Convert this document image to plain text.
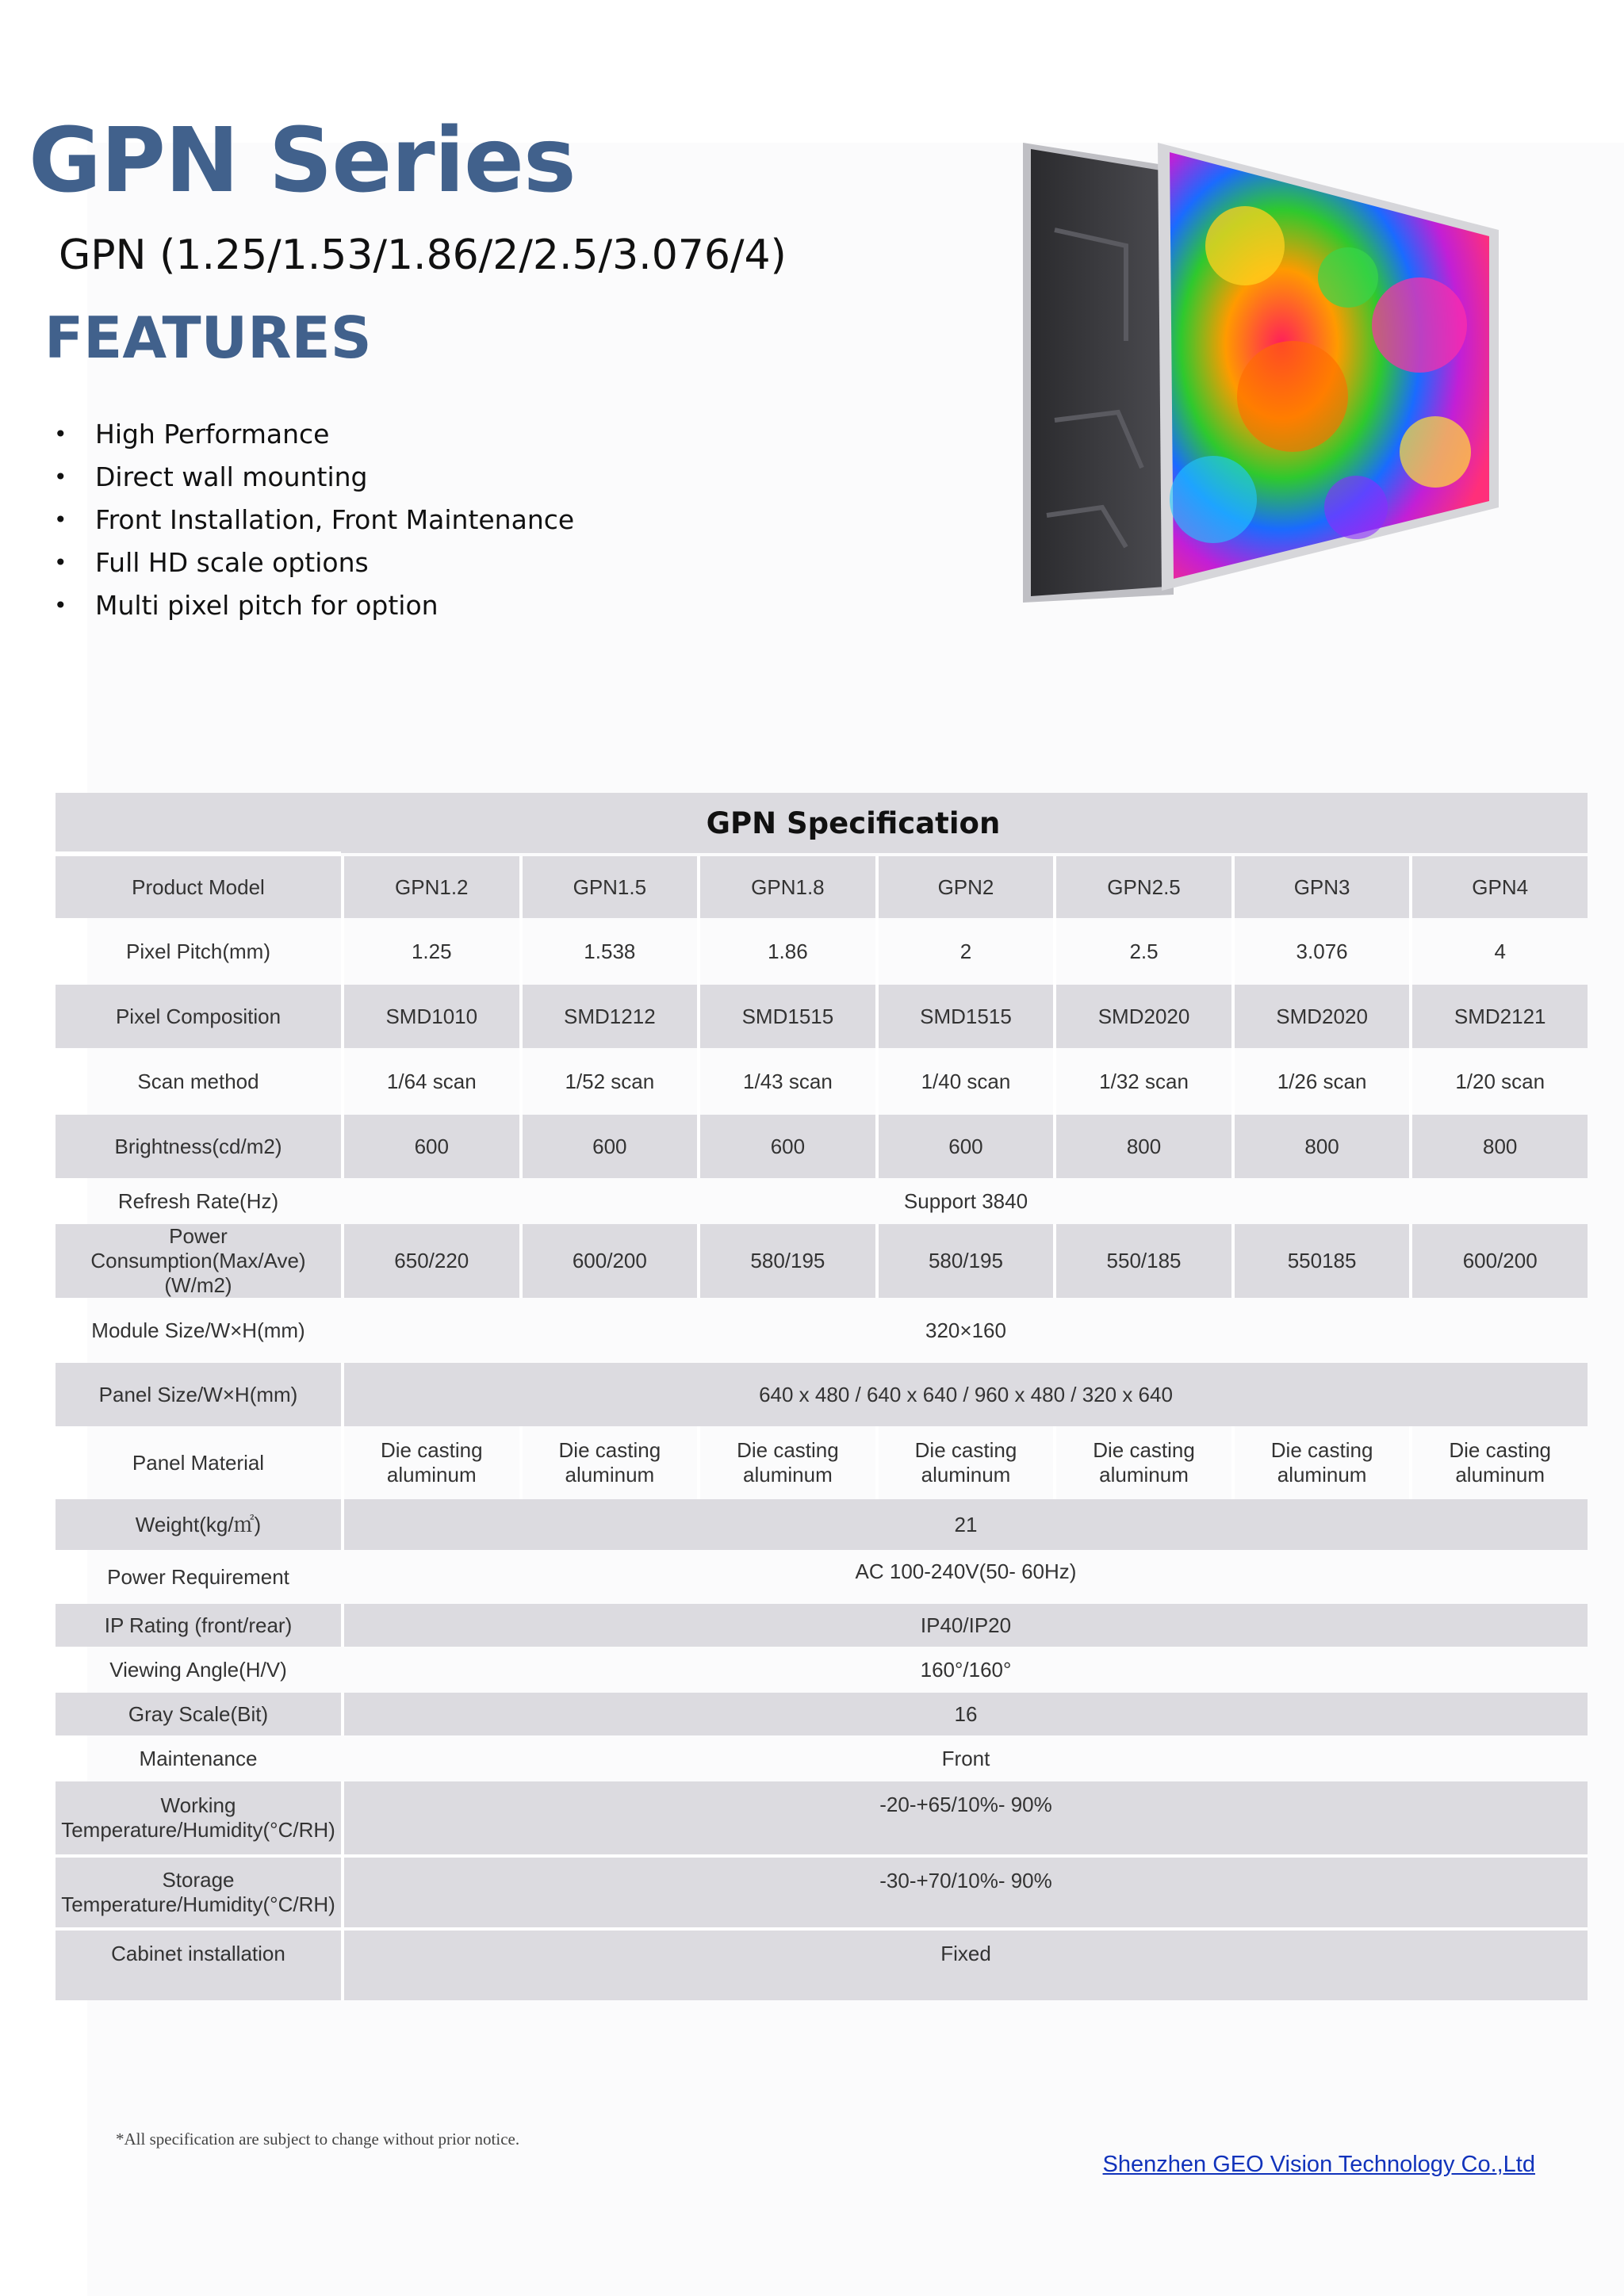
GPN Series
GPN (1.25/1.53/1.86/2/2.5/3.076/4)
FEATURES
•	High Performance
•	Direct wall mounting
•	Front Installation, Front Maintenance
•	Full HD scale options
•	Multi pixel pitch for option
GPN Specification
Product Model	GPN1.2	GPN1.5	GPN1.8	GPN2	GPN2.5	GPN3	GPN4
Pixel Pitch(mm)	1.25	1.538	1.86	2	2.5	3.076	4
Pixel Composition	SMD1010	SMD1212	SMD1515	SMD1515	SMD2020	SMD2020	SMD2121
Scan method	1/64 scan	1/52 scan	1/43 scan	1/40 scan	1/32 scan	1/26 scan	1/20 scan
Brightness(cd/m2)	600	600	600	600	800	800	800
Refresh Rate(Hz)	Support 3840						
Power Consumption(Max/Ave) (W/m2)	650/220	600/200	580/195	580/195	550/185	550185	600/200
Module Size/W×H(mm)	320×160						
Panel Size/W×H(mm)	640 x 480 / 640 x 640 / 960 x 480 / 320 x 640						
Panel Material	Die casting aluminum	Die casting aluminum	Die casting aluminum	Die casting aluminum	Die casting aluminum	Die casting aluminum	Die casting aluminum
Weight(kg/㎡)	21						
Power Requirement	AC 100-240V(50- 60Hz)						
IP Rating (front/rear)	IP40/IP20						
Viewing Angle(H/V)	160°/160°						
Gray Scale(Bit)	16						
Maintenance	Front						
Working Temperature/Humidity(°C/RH)	-20-+65/10%- 90%						
Storage Temperature/Humidity(°C/RH)	-30-+70/10%- 90%						
Cabinet installation	Fixed						
*All specification are subject to change without prior notice.
Shenzhen GEO Vision Technology Co.,Ltd
